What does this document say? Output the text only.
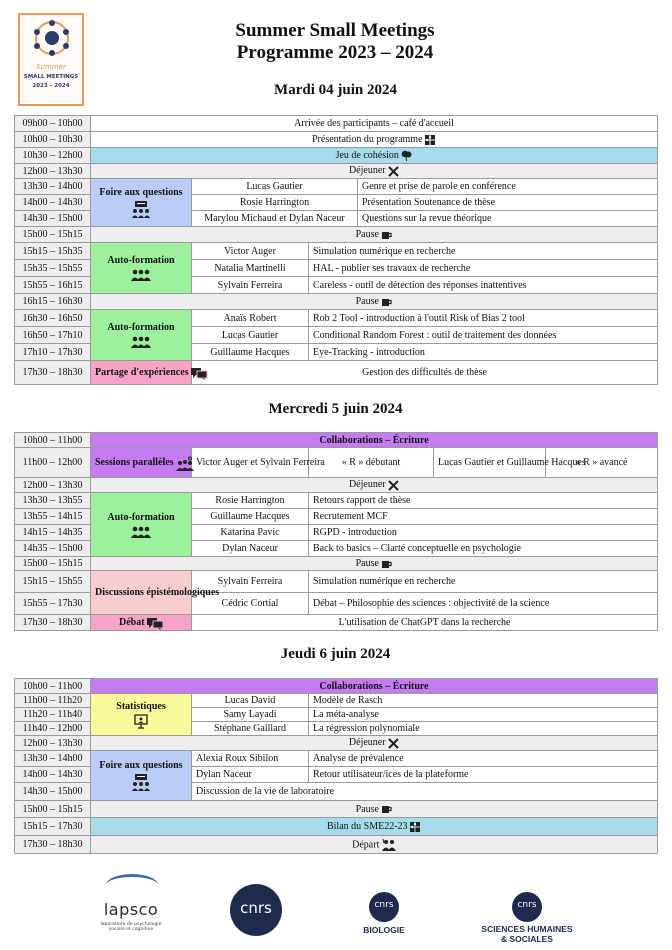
Summer
SMALL MEETINGS
2023 – 2024
Summer Small Meetings
Programme 2023 – 2024
Mardi 04 juin 2024
09h00 – 10h00	Arrivée des participants – café d'accueil			
10h00 – 10h30	Présentation du programme			
10h30 – 12h00	Jeu de cohésion			
12h00 – 13h30	Déjeuner			
13h30 – 14h00	Foire aux questions	Lucas Gautier		Genre et prise de parole en conférence
14h00 – 14h30		Rosie Harrington		Présentation Soutenance de thèse
14h30 – 15h00		Marylou Michaud et Dylan Naceur		Questions sur la revue théorique
15h00 – 15h15	Pause			
15h15 – 15h35	Auto-formation	Victor Auger	Simulation numérique en recherche	
15h35 – 15h55		Natalia Martinelli	HAL - publier ses travaux de recherche	
15h55 – 16h15		Sylvain Ferreira	Careless - outil de détection des réponses inattentives	
16h15 – 16h30	Pause			
16h30 – 16h50	Auto-formation	Anaïs Robert	Rob 2 Tool - introduction à l'outil Risk of Bias 2 tool	
16h50 – 17h10		Lucas Gautier	Conditional Random Forest : outil de traitement des données	
17h10 – 17h30		Guillaume Hacques	Eye-Tracking - introduction	
17h30 – 18h30	Partage d'expériences	Gestion des difficultés de thèse		
Mercredi 5 juin 2024
10h00 – 11h00	Collaborations – Écriture				
11h00 – 12h00	Sessions parallèles	Victor Auger et Sylvain Ferreira	« R » débutant	Lucas Gautier et Guillaume Hacques	« R » avancé
12h00 – 13h30	Déjeuner				
13h30 – 13h55	Auto-formation	Rosie Harrington	Retours rapport de thèse		
13h55 – 14h15		Guillaume Hacques	Recrutement MCF		
14h15 – 14h35		Katarina Pavic	RGPD - introduction		
14h35 – 15h00		Dylan Naceur	Back to basics – Clarté conceptuelle en psychologie		
15h00 – 15h15	Pause				
15h15 – 15h55	Discussions épistémologiques	Sylvain Ferreira	Simulation numérique en recherche		
15h55 – 17h30		Cédric Cortial	Débat – Philosophie des sciences : objectivité de la science		
17h30 – 18h30	Débat	L'utilisation de ChatGPT dans la recherche			
Jeudi 6 juin 2024
10h00 – 11h00	Collaborations – Écriture		
11h00 – 11h20	Statistiques	Lucas David	Modèle de Rasch
11h20 – 11h40		Samy Layadi	La méta-analyse
11h40 – 12h00		Stéphane Gaillard	La régression polynomiale
12h00 – 13h30	Déjeuner		
13h30 – 14h00	Foire aux questions	Alexia Roux Sibilon	Analyse de prévalence
14h00 – 14h30		Dylan Naceur	Retour utilisateur/ices de la plateforme
14h30 – 15h00		Discussion de la vie de laboratoire	
15h00 – 15h15	Pause		
15h15 – 17h30	Bilan du SME22-23		
17h30 – 18h30	Départ		
lapsco
laboratoire de psychologie sociale et cognitive
cnrs	cnrs
BIOLOGIE
cnrs
SCIENCES HUMAINES
& SOCIALES
